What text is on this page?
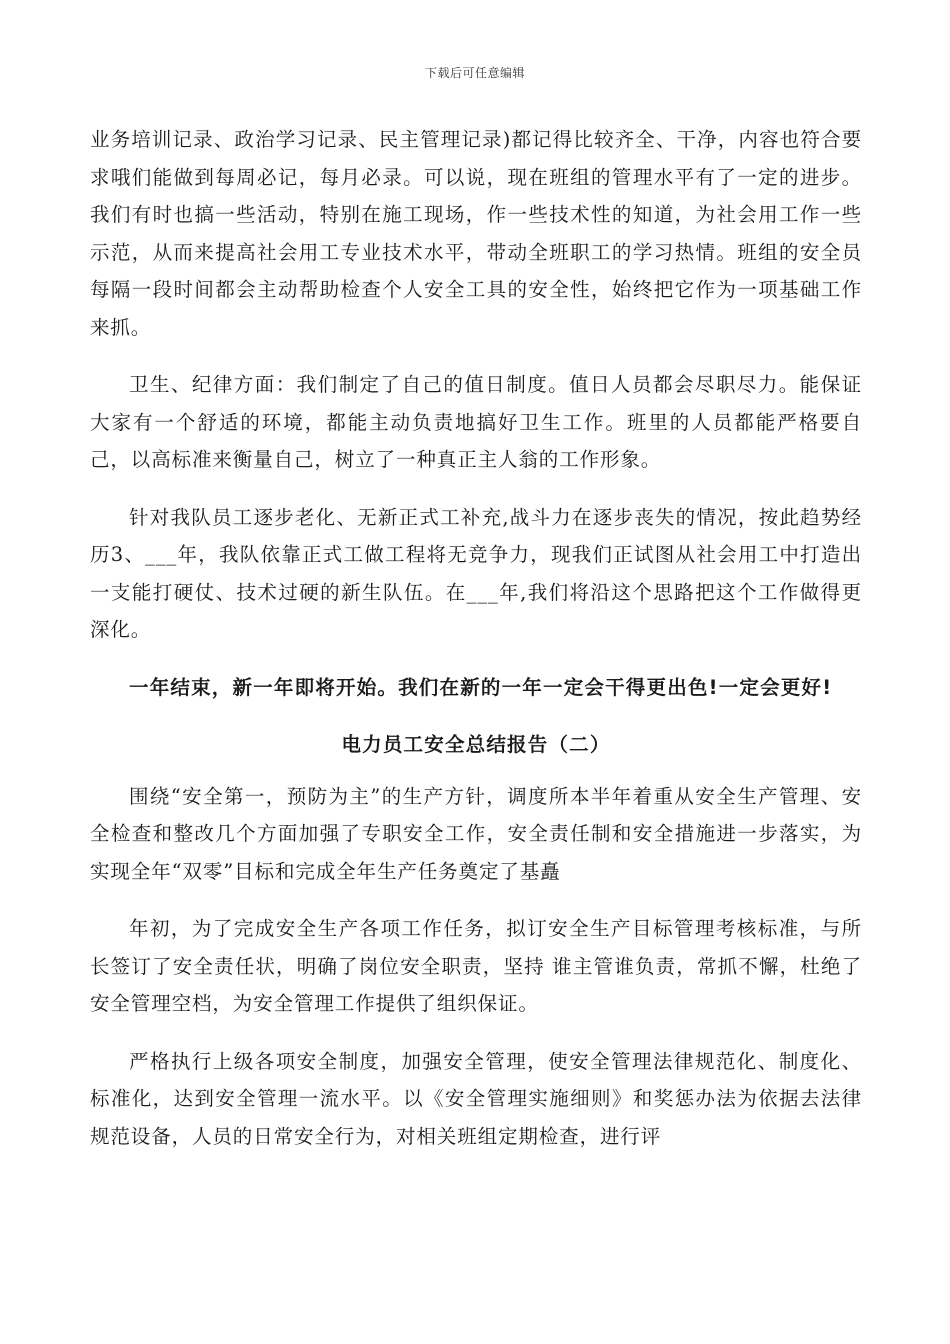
下载后可任意编辑

业务培训记录、政治学习记录、民主管理记录)都记得比较齐全、干净，内容也符合要求哦们能做到每周必记，每月必录。可以说，现在班组的管理水平有了一定的进步。我们有时也搞一些活动，特别在施工现场，作一些技术性的知道，为社会用工作一些示范，从而来提高社会用工专业技术水平，带动全班职工的学习热情。班组的安全员每隔一段时间都会主动帮助检查个人安全工具的安全性，始终把它作为一项基础工作来抓。

卫生、纪律方面：我们制定了自己的值日制度。值日人员都会尽职尽力。能保证大家有一个舒适的环境，都能主动负责地搞好卫生工作。班里的人员都能严格要自己，以高标准来衡量自己，树立了一种真正主人翁的工作形象。

针对我队员工逐步老化、无新正式工补充,战斗力在逐步丧失的情况，按此趋势经历3、___年，我队依靠正式工做工程将无竞争力，现我们正试图从社会用工中打造出一支能打硬仗、技术过硬的新生队伍。在___年,我们将沿这个思路把这个工作做得更深化。

一年结束，新一年即将开始。我们在新的一年一定会干得更出色!一定会更好!

电力员工安全总结报告（二）

围绕“安全第一，预防为主”的生产方针，调度所本半年着重从安全生产管理、安全检查和整改几个方面加强了专职安全工作，安全责任制和安全措施进一步落实，为实现全年“双零”目标和完成全年生产任务奠定了基矗

年初，为了完成安全生产各项工作任务，拟订安全生产目标管理考核标准，与所长签订了安全责任状，明确了岗位安全职责，坚持 谁主管谁负责，常抓不懈，杜绝了安全管理空档，为安全管理工作提供了组织保证。

严格执行上级各项安全制度，加强安全管理，使安全管理法律规范化、制度化、标准化，达到安全管理一流水平。以《安全管理实施细则》和奖惩办法为依据去法律规范设备，人员的日常安全行为，对相关班组定期检查，进行评
